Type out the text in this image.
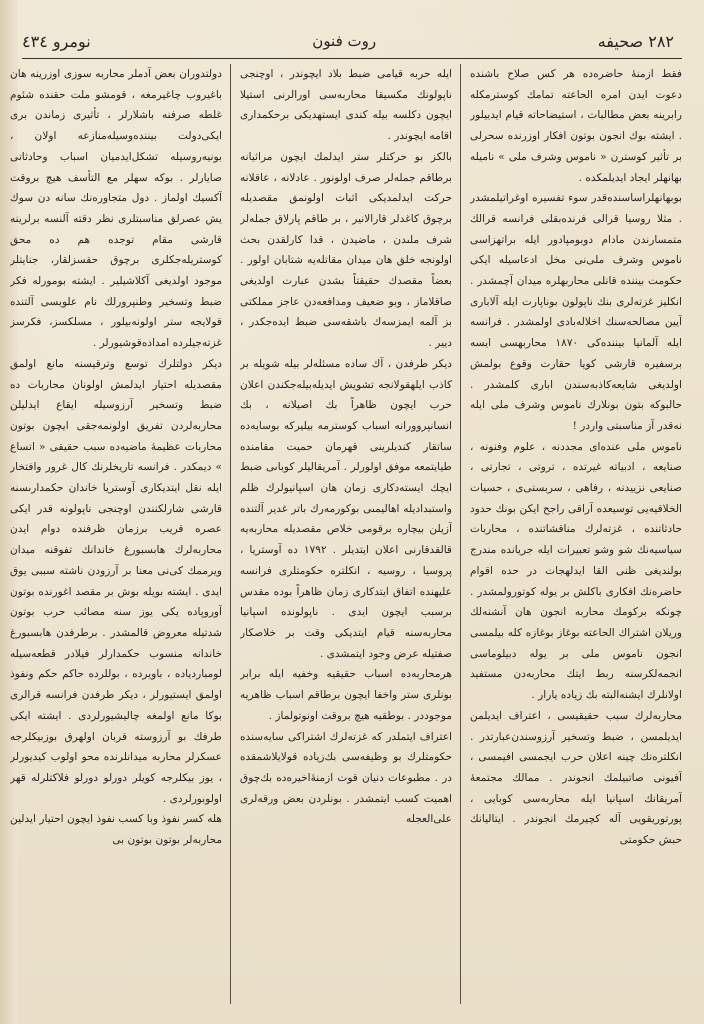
٢٨٢ صحيفه
روت فنون
نومرو ٤٣٤

فقط ازمنهٔ حاضره‌ده هر كس صلاح باشنده دعوت ايدن امره الحاعته تمامك كوسترمكله رابرينه بعض مطالبات ، استيضاحاته قيام ايدييلور . ايشته بوك انجون بوتون افكار اوزرنده سحرلى بر تأثير كوسترن « ناموس وشرف ملى » ناميله بهانهلر ايجاد ايديلمكده .

بوبهانهلراساسنده‌قدر سوء تفسيره اوغراتيلمشدر . مثلا روسيا قرالى فرنده‌بقلى فرانسه قرالك متمسارندن مادام دوبومپادور ايله براتهزاسى ناموس وشرف ملى‌نى مخل ادعاسيله ايكى حكومت بيننده قانلى محاربهلره ميدان آچمشدر . انكليز غزته‌لرى بنك ناپولون بوناپارت ايله آلابارى آيين مصالحه‌سنك اخلاله‌بادى اولمشدر . فرانسه ايله آلمانيا بيننده‌كى ١٨٧٠ محاربهسى ايسه برسفيره قارشى كويا حقارت وقوع بولمش اولديغى شايعه‌كاذبه‌سندن ابارى كلمشدر . حالبوكه بتون بونلارك ناموس وشرف ملى ايله نه‌قدر آز مناسبتى واردر !

ناموس ملى عنده‌اى مجددنه ، علوم وفنونه ، صنايعه ، ادبياته غيرتده ، تروتى ، تجارتى ، صنايعى نزييدنه ، رفاهى ، سربستى‌ى ، حسيات الخلاقيه‌يى توسيعده آراقى راجح ايكن بونك حدود حادثاتنده ، غزته‌لرك مناقشاتنده ، محاربات سياسيه‌نك شو وشو تعبيرات ايله جريانده مندرج بولنديغى ظنى القا ايدلهجات در حده اقوام حاضره‌نك افكارى با‌كلش بر يوله كوتورولمشدر . چونكه بركومك محاربه انجون هان آنشنه‌لك وريلان اشتراك الحاعته بوغاز بوغازه كله بيلمسى انجون ناموس ملى بر يوله دبيلوماسى انجمه‌لكرسنه ربط ايتك محاربه‌دن مستفيد اولانلرك ايشنه‌البته بك زياده يارار .

محاربه‌لرك سبب حقيقيسى ، اعتراف ايديلمن ايديلمسن ، ضبط وتسخير آرزوسندن‌عبارتدر . انكلتره‌نك چينه اعلان حرب ايجمسى افيمسى ، آفيونى صاتبيلمك انجوندر . ممالك مجتمعهٔ آمريقانك اسپانيا ايله محاربه‌سى كوبايى ، پورتوريقويى آله كچيرمك انجوندر . ايتاليانك حبش حكومتى

ايله حربه قيامى ضبط بلاد ايچوندر ، اوچنجى ناپولونك مكسيقا محاربه‌سى اورالرنى استيلا ايچون دكلسه بيله كندى ايستهديكى برحكمدارى اقامه ايچوندر .

بالكز بو حركتلر ستر ايدلمك ايچون مراثيانه برطاقم جمله‌لر صرف اولونور . عادلانه ، عاقلانه حركت ايدلمديكى اثبات اولونمق مقصديله برچوق كاغدلر قارالانير ، بر طاقم پارلاق جمله‌لر شرف ملىدن ، ماضيدن ، قدا كارلقدن بحث اولونجه خلق هان ميدان مقاتله‌يه شتابان اولور . بعضاً مقصدك حقيقتاً بشدن عبارت اولديغى صاقلاماز ، وبو ضعيف ومدافعه‌دن عاجز مملكتى بز آلمه ايمزسه‌ك باشقه‌سى ضبط ايده‌جكدر ، ديير .

ديكر طرفدن ، آك ساده مسئله‌لر بيله شويله بر كاذب ايلهقولانجه تشويش ايديله‌بيله‌جكندن اعلان حرب ايچون ظاهراً بك اصيلانه ، بك انسانپروورانه اسباب كوسترمه بيليركه بوسايه‌ده ساتقار كنديلرينى قهرمان حميت مقامنده طيايتمعه موفق اولورلر . آمريقاليلر كوباىى ضبط ايچك ايسته‌دكارى زمان هان اسپانيولرك ظلم واستبداديله اهاليمىى بوكورمه‌رك باتر غدير آلتنده آزيلن بيچاره برقومى خلاص مقصديله محاربه‌يه قالقدقارنى اعلان ايتديلر . ١٧٩٢ ده آوستريا ، پروسيا ، روسيه ، انكلتره حكومتلرى فرانسه عليهنده اتفاق ايتدكارى زمان ظاهراً بوده مقدس برسبب ايچون ايدى . ناپولونده اسپانيا محاربه‌سنه قيام ايتديكى وقت بر خلاصكار صفتيله عرض وجود ايتمشدى .

هرمحاربه‌ده اسباب حقيقيه وخفيه ايله برابر بونلرى ستر واخفا ايچون برطاقم اسباب ظاهريه موجوددر . بوطقيه هيچ بروقت اونوتولماز .

اعتراف ايتملدر كه غزته‌لرك اشتراكى سايه‌سنده حكومتلرك بو وظيفه‌سى بك‌زياده قولايلاشمقده در . مطبوعات دنيان قوت ازمنهٔ‌اخيره‌ده بك‌چوق اهميت كسب ايتمشدر . بونلردن بعض ورقه‌لرى على‌العجله

دولتدوران بعض آدملر محاربه سوزى اوزرينه هان باغيروب چاغيرمغه ، قومشو ملت حقنده شئوم غلطه صرفنه باشلارلر ، تأثيرى زماندن برى ايكى‌دولت بيننده‌وسيله‌منازعه اولان ، بونيه‌روسيله تشكل‌ايدميان اسباب وحادثاتى صايارلر . بوكه سهلر مع التأسف هيچ بروقت آكسيك اولماز . دول متجاوره‌نك سانه دن سوك يش عصرلق مناسبتلرى نظر دقته آلنسه برلرينه قارشى مقام توجده هم ده محق كوستريله‌جكلرى برچوق حقسزلقار، جنايتلر موجود اولديغى آكلاشيلير . ايشته بومورله فكر ضبط وتسخير وطنپرورلك نام علويسى آلتنده قولايجه ستر اولونه‌بيلور ، مسلكسز، فكرسز غزته‌جيلرده امداده‌قوشيورلر .

ديكر دولتلرك توسع وترقيسنه مانع اولمق مقصديله احتيار ايدلمش اولونان محاربات ده ضبط وتسخير آرزوسيله ايقاع ايدليلن محاربه‌لردن تفريق اولونمه‌جقى ايچون بوتون محاربات عظيمهٔ ماضيه‌ده سبب حقيقى « اتساع » ديمكدر . فرانسه تاريخلرنك كال غرور وافتخار ايله نقل ايتديكارى آوستريا خاندان حكمدارىسنه قارشى شارلكنندن اوچنجى ناپولونه قدر ايكى عصره قريب برزمان ظرفنده دوام ايدن محاربه‌لرك هابسبورغ خاندانك تفوقنه ميدان ويرممك كى‌نى معنا بر آرزودن ناشته سببى يوق ايدى . ايشته بويله بوش بر مقصد اغورنده بوتون آوروپاده يكى يوز سنه مصائب حرب بوتون شدتيله معروض قالمشدر . برطرفدن هابسبورغ خاندانه منسوب حكمدارلر فيلادر قطعه‌سيله لومباردياده ، باويرده ، بوللرده حاكم حكم ونفوذ اولمق ايستيورلر ، ديكر طرفدن فرانسه قرالرى بوكا مانع اولمغه چاليشيورلردى . ايشته ايكى طرفك بو آرزوسته قربان اولهرق بوزبيكلرجه عسكرلر محاربه ميدانلرنده محو اولوب كيديورلر ، يوز بيكلرجه كويلر دورلو دورلو فلاكتلرله قهر اولوبورلردى .

هله كسر نفوذ وبا كسب نفوذ ايچون احتيار ايدلين محاربه‌لر بوتون بوتون بى
